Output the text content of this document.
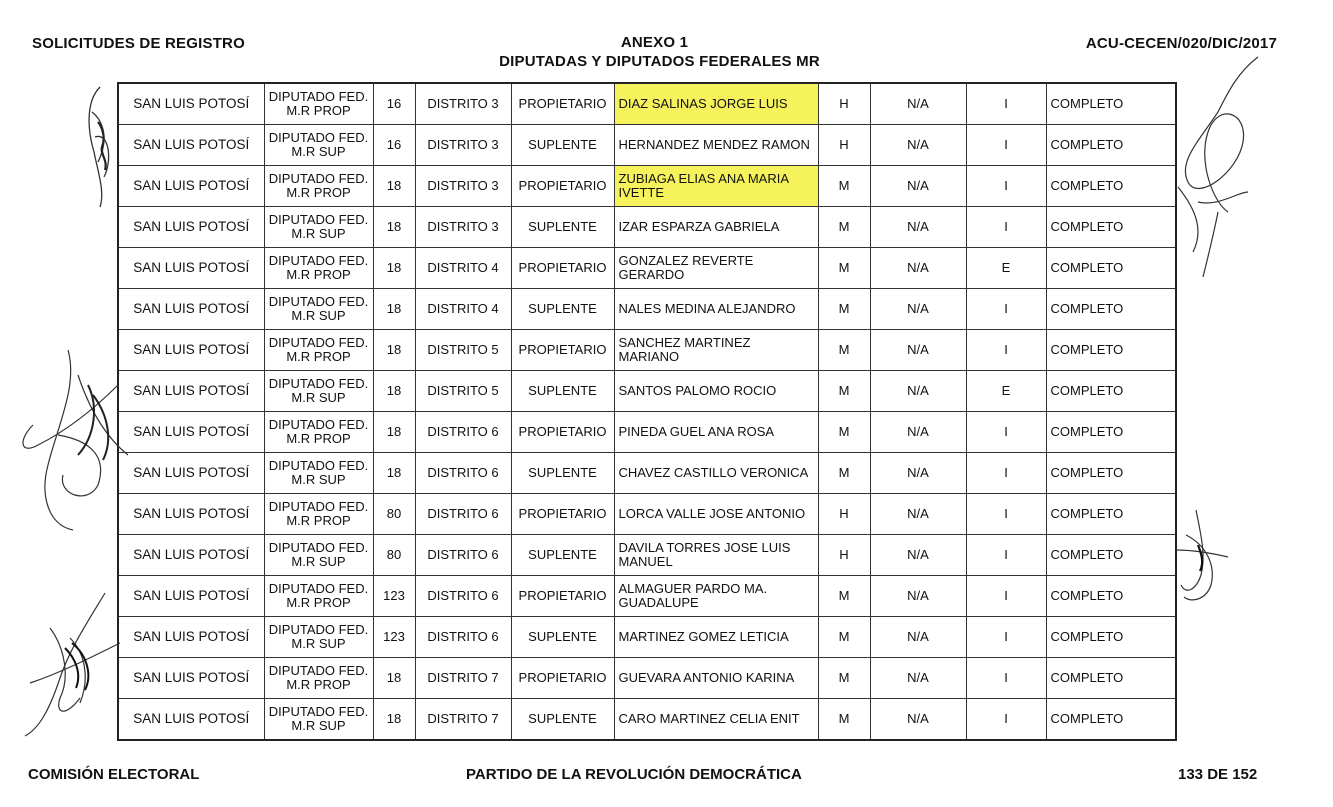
SOLICITUDES DE REGISTRO	ANEXO 1
DIPUTADAS Y DIPUTADOS FEDERALES MR
ACU-CECEN/020/DIC/2017
SAN LUIS POTOSÍ	DIPUTADO FED. M.R PROP	16	DISTRITO 3	PROPIETARIO	DIAZ SALINAS JORGE LUIS	H	N/A	I	COMPLETO
SAN LUIS POTOSÍ	DIPUTADO FED. M.R SUP	16	DISTRITO 3	SUPLENTE	HERNANDEZ MENDEZ RAMON	H	N/A	I	COMPLETO
SAN LUIS POTOSÍ	DIPUTADO FED. M.R PROP	18	DISTRITO 3	PROPIETARIO	ZUBIAGA ELIAS ANA MARIA IVETTE	M	N/A	I	COMPLETO
SAN LUIS POTOSÍ	DIPUTADO FED. M.R SUP	18	DISTRITO 3	SUPLENTE	IZAR ESPARZA GABRIELA	M	N/A	I	COMPLETO
SAN LUIS POTOSÍ	DIPUTADO FED. M.R PROP	18	DISTRITO 4	PROPIETARIO	GONZALEZ REVERTE GERARDO	M	N/A	E	COMPLETO
SAN LUIS POTOSÍ	DIPUTADO FED. M.R SUP	18	DISTRITO 4	SUPLENTE	NALES MEDINA ALEJANDRO	M	N/A	I	COMPLETO
SAN LUIS POTOSÍ	DIPUTADO FED. M.R PROP	18	DISTRITO 5	PROPIETARIO	SANCHEZ MARTINEZ MARIANO	M	N/A	I	COMPLETO
SAN LUIS POTOSÍ	DIPUTADO FED. M.R SUP	18	DISTRITO 5	SUPLENTE	SANTOS PALOMO ROCIO	M	N/A	E	COMPLETO
SAN LUIS POTOSÍ	DIPUTADO FED. M.R PROP	18	DISTRITO 6	PROPIETARIO	PINEDA GUEL ANA ROSA	M	N/A	I	COMPLETO
SAN LUIS POTOSÍ	DIPUTADO FED. M.R SUP	18	DISTRITO 6	SUPLENTE	CHAVEZ CASTILLO VERONICA	M	N/A	I	COMPLETO
SAN LUIS POTOSÍ	DIPUTADO FED. M.R PROP	80	DISTRITO 6	PROPIETARIO	LORCA VALLE JOSE ANTONIO	H	N/A	I	COMPLETO
SAN LUIS POTOSÍ	DIPUTADO FED. M.R SUP	80	DISTRITO 6	SUPLENTE	DAVILA TORRES JOSE LUIS MANUEL	H	N/A	I	COMPLETO
SAN LUIS POTOSÍ	DIPUTADO FED. M.R PROP	123	DISTRITO 6	PROPIETARIO	ALMAGUER PARDO MA. GUADALUPE	M	N/A	I	COMPLETO
SAN LUIS POTOSÍ	DIPUTADO FED. M.R SUP	123	DISTRITO 6	SUPLENTE	MARTINEZ GOMEZ LETICIA	M	N/A	I	COMPLETO
SAN LUIS POTOSÍ	DIPUTADO FED. M.R PROP	18	DISTRITO 7	PROPIETARIO	GUEVARA ANTONIO KARINA	M	N/A	I	COMPLETO
SAN LUIS POTOSÍ	DIPUTADO FED. M.R SUP	18	DISTRITO 7	SUPLENTE	CARO MARTINEZ CELIA ENIT	M	N/A	I	COMPLETO
COMISIÓN ELECTORAL	PARTIDO DE LA REVOLUCIÓN DEMOCRÁTICA	133 DE 152
